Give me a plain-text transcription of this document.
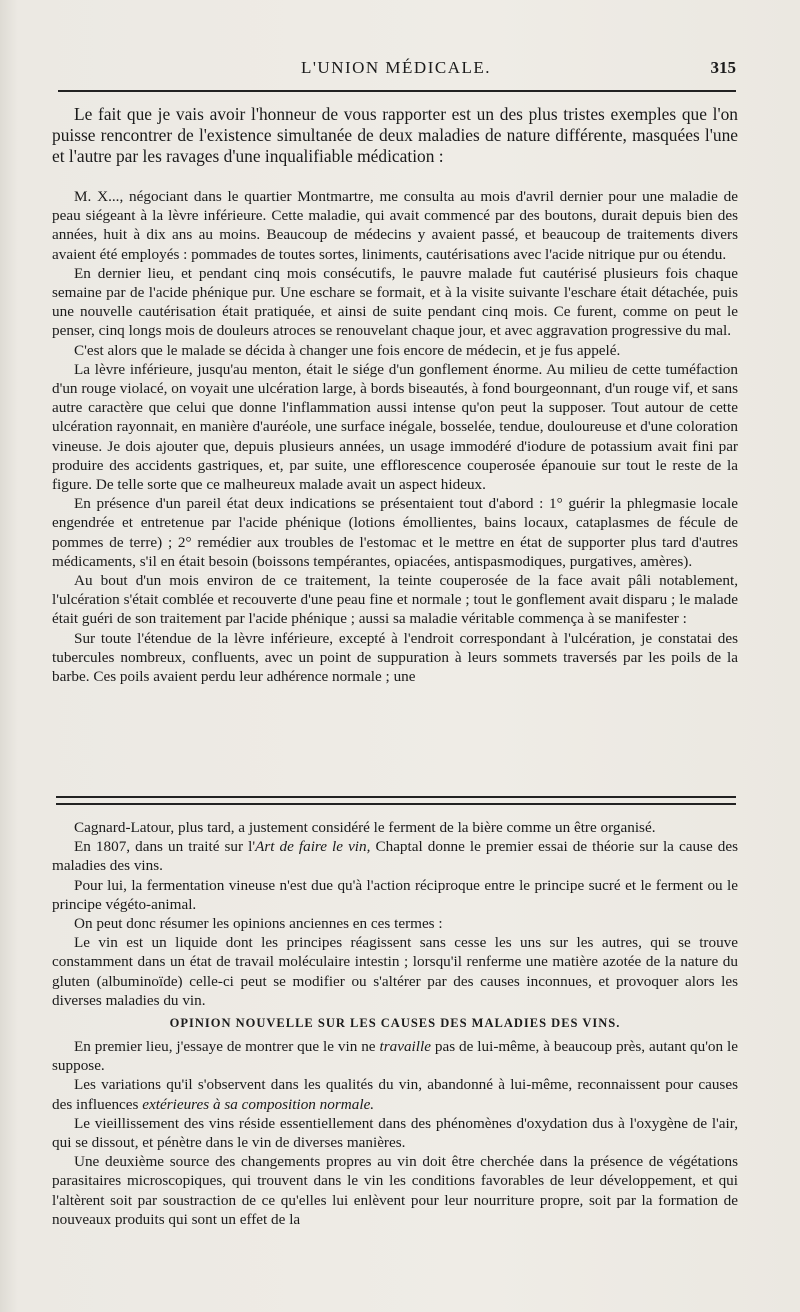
L'UNION MÉDICALE.	315

Le fait que je vais avoir l'honneur de vous rapporter est un des plus tristes exemples que l'on puisse rencontrer de l'existence simultanée de deux maladies de nature différente, masquées l'une et l'autre par les ravages d'une inqualifiable médication :

M. X..., négociant dans le quartier Montmartre, me consulta au mois d'avril dernier pour une maladie de peau siégeant à la lèvre inférieure. Cette maladie, qui avait commencé par des boutons, durait depuis bien des années, huit à dix ans au moins. Beaucoup de médecins y avaient passé, et beaucoup de traitements divers avaient été employés : pommades de toutes sortes, liniments, cautérisations avec l'acide nitrique pur ou étendu.

En dernier lieu, et pendant cinq mois consécutifs, le pauvre malade fut cautérisé plusieurs fois chaque semaine par de l'acide phénique pur. Une eschare se formait, et à la visite suivante l'eschare était détachée, puis une nouvelle cautérisation était pratiquée, et ainsi de suite pendant cinq mois. Ce furent, comme on peut le penser, cinq longs mois de douleurs atroces se renouvelant chaque jour, et avec aggravation progressive du mal.

C'est alors que le malade se décida à changer une fois encore de médecin, et je fus appelé.

La lèvre inférieure, jusqu'au menton, était le siége d'un gonflement énorme. Au milieu de cette tuméfaction d'un rouge violacé, on voyait une ulcération large, à bords biseautés, à fond bourgeonnant, d'un rouge vif, et sans autre caractère que celui que donne l'inflammation aussi intense qu'on peut la supposer. Tout autour de cette ulcération rayonnait, en manière d'auréole, une surface inégale, bosselée, tendue, douloureuse et d'une coloration vineuse. Je dois ajouter que, depuis plusieurs années, un usage immodéré d'iodure de potassium avait fini par produire des accidents gastriques, et, par suite, une efflorescence couperosée épanouie sur tout le reste de la figure. De telle sorte que ce malheureux malade avait un aspect hideux.

En présence d'un pareil état deux indications se présentaient tout d'abord : 1° guérir la phlegmasie locale engendrée et entretenue par l'acide phénique (lotions émollientes, bains locaux, cataplasmes de fécule de pommes de terre) ; 2° remédier aux troubles de l'estomac et le mettre en état de supporter plus tard d'autres médicaments, s'il en était besoin (boissons tempérantes, opiacées, antispasmodiques, purgatives, amères).

Au bout d'un mois environ de ce traitement, la teinte couperosée de la face avait pâli notablement, l'ulcération s'était comblée et recouverte d'une peau fine et normale ; tout le gonflement avait disparu ; le malade était guéri de son traitement par l'acide phénique ; aussi sa maladie véritable commença à se manifester :

Sur toute l'étendue de la lèvre inférieure, excepté à l'endroit correspondant à l'ulcération, je constatai des tubercules nombreux, confluents, avec un point de suppuration à leurs sommets traversés par les poils de la barbe. Ces poils avaient perdu leur adhérence normale ; une

Cagnard-Latour, plus tard, a justement considéré le ferment de la bière comme un être organisé.

En 1807, dans un traité sur l'Art de faire le vin, Chaptal donne le premier essai de théorie sur la cause des maladies des vins.

Pour lui, la fermentation vineuse n'est due qu'à l'action réciproque entre le principe sucré et le ferment ou le principe végéto-animal.

On peut donc résumer les opinions anciennes en ces termes :

Le vin est un liquide dont les principes réagissent sans cesse les uns sur les autres, qui se trouve constamment dans un état de travail moléculaire intestin ; lorsqu'il renferme une matière azotée de la nature du gluten (albuminoïde) celle-ci peut se modifier ou s'altérer par des causes inconnues, et provoquer alors les diverses maladies du vin.

OPINION NOUVELLE SUR LES CAUSES DES MALADIES DES VINS.

En premier lieu, j'essaye de montrer que le vin ne travaille pas de lui-même, à beaucoup près, autant qu'on le suppose.

Les variations qu'il s'observent dans les qualités du vin, abandonné à lui-même, reconnaissent pour causes des influences extérieures à sa composition normale.

Le vieillissement des vins réside essentiellement dans des phénomènes d'oxydation dus à l'oxygène de l'air, qui se dissout, et pénètre dans le vin de diverses manières.

Une deuxième source des changements propres au vin doit être cherchée dans la présence de végétations parasitaires microscopiques, qui trouvent dans le vin les conditions favorables de leur développement, et qui l'altèrent soit par soustraction de ce qu'elles lui enlèvent pour leur nourriture propre, soit par la formation de nouveaux produits qui sont un effet de la
